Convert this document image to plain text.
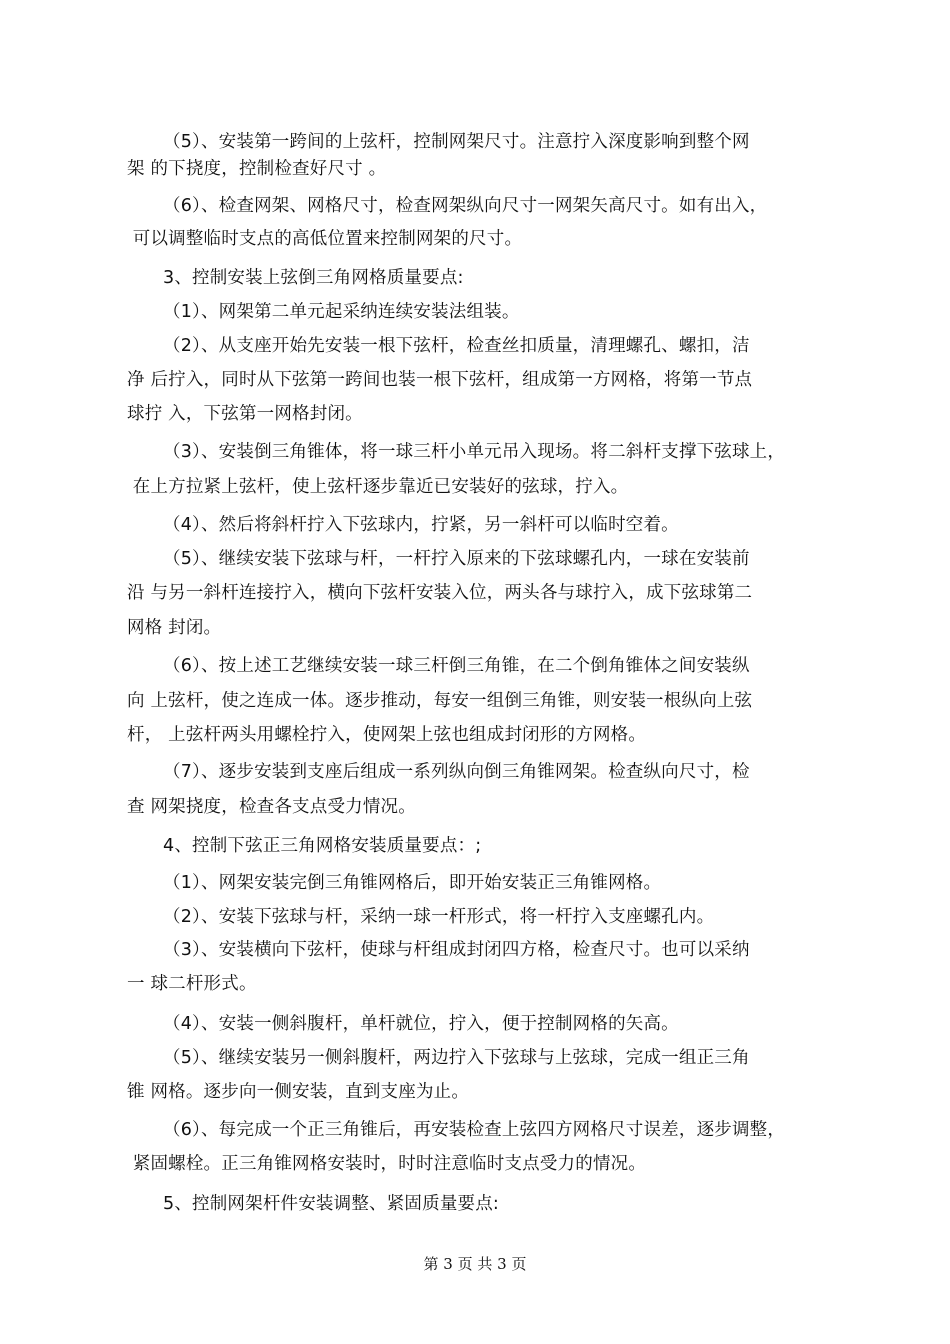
（5）、安装第一跨间的上弦杆，控制网架尺寸。注意拧入深度影响到整个网
架 的下挠度，控制检查好尺寸 。
（6）、检查网架、网格尺寸，检查网架纵向尺寸一网架矢高尺寸。如有出入，
可以调整临时支点的高低位置来控制网架的尺寸。
3、控制安装上弦倒三角网格质量要点:
（1）、网架第二单元起采纳连续安装法组装。
（2）、从支座开始先安装一根下弦杆，检查丝扣质量，清理螺孔、螺扣，洁
净 后拧入，同时从下弦第一跨间也装一根下弦杆，组成第一方网格，将第一节点
球拧 入，下弦第一网格封闭。
（3）、安装倒三角锥体，将一球三杆小单元吊入现场。将二斜杆支撑下弦球上，
在上方拉紧上弦杆，使上弦杆逐步靠近已安装好的弦球，拧入。
（4）、然后将斜杆拧入下弦球内，拧紧，另一斜杆可以临时空着。
（5）、继续安装下弦球与杆，一杆拧入原来的下弦球螺孔内，一球在安装前
沿 与另一斜杆连接拧入，横向下弦杆安装入位，两头各与球拧入，成下弦球第二
网格 封闭。
（6）、按上述工艺继续安装一球三杆倒三角锥，在二个倒角锥体之间安装纵
向 上弦杆，使之连成一体。逐步推动，每安一组倒三角锥，则安装一根纵向上弦
杆， 上弦杆两头用螺栓拧入，使网架上弦也组成封闭形的方网格。
（7）、逐步安装到支座后组成一系列纵向倒三角锥网架。检查纵向尺寸，检
查 网架挠度，检查各支点受力情况。
4、控制下弦正三角网格安装质量要点：;
（1）、网架安装完倒三角锥网格后，即开始安装正三角锥网格。
（2）、安装下弦球与杆，采纳一球一杆形式，将一杆拧入支座螺孔内。
（3）、安装横向下弦杆，使球与杆组成封闭四方格，检查尺寸。也可以采纳
一 球二杆形式。
（4）、安装一侧斜腹杆，单杆就位，拧入，便于控制网格的矢高。
（5）、继续安装另一侧斜腹杆，两边拧入下弦球与上弦球，完成一组正三角
锥 网格。逐步向一侧安装，直到支座为止。
（6）、每完成一个正三角锥后，再安装检查上弦四方网格尺寸误差，逐步调整，
紧固螺栓。正三角锥网格安装时，时时注意临时支点受力的情况。
5、控制网架杆件安装调整、紧固质量要点:
第 3 页 共 3 页
